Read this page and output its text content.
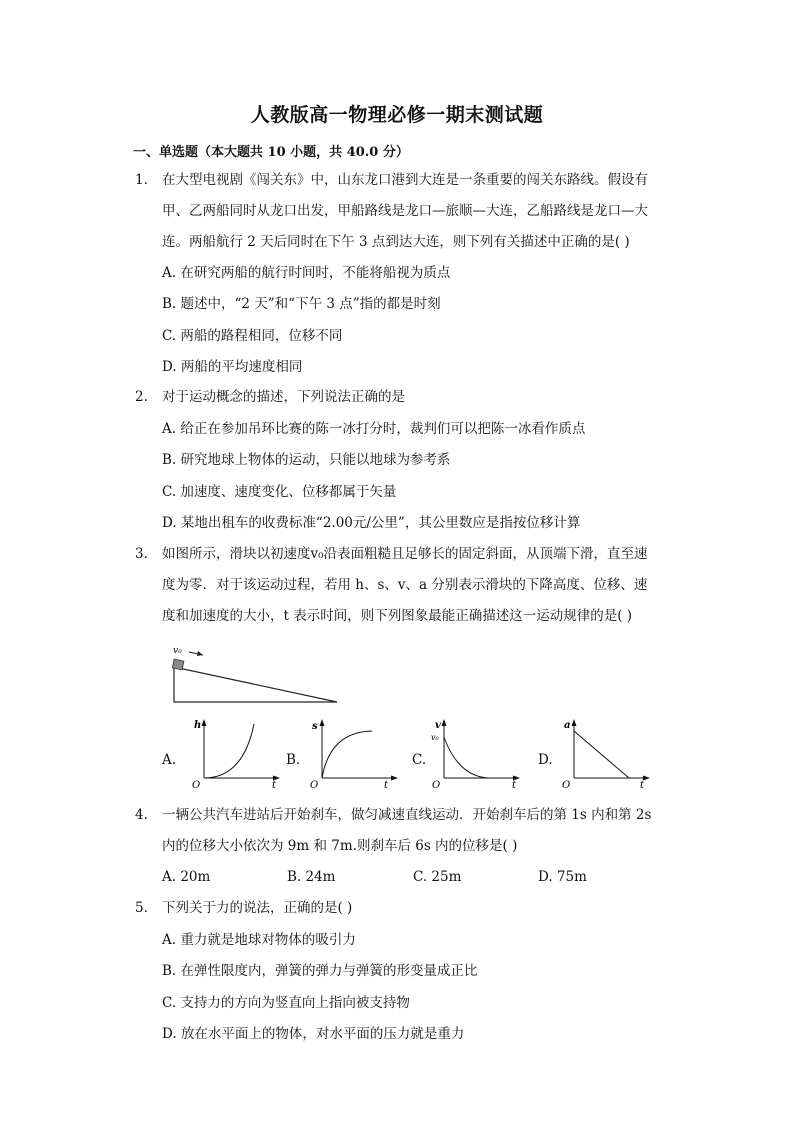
人教版高一物理必修一期末测试题
一、单选题（本大题共 10 小题，共 40.0 分）
1. 在大型电视剧《闯关东》中，山东龙口港到大连是一条重要的闯关东路线。假设有
甲、乙两船同时从龙口出发，甲船路线是龙口—旅顺—大连，乙船路线是龙口—大
连。两船航行 2 天后同时在下午 3 点到达大连，则下列有关描述中正确的是( )
A. 在研究两船的航行时间时，不能将船视为质点
B. 题述中，“2 天”和“下午 3 点”指的都是时刻
C. 两船的路程相同，位移不同
D. 两船的平均速度相同
2. 对于运动概念的描述，下列说法正确的是
A. 给正在参加吊环比赛的陈一冰打分时，裁判们可以把陈一冰看作质点
B. 研究地球上物体的运动，只能以地球为参考系
C. 加速度、速度变化、位移都属于矢量
D. 某地出租车的收费标准“2.00元/公里”，其公里数应是指按位移计算
3. 如图所示，滑块以初速度v₀沿表面粗糙且足够长的固定斜面，从顶端下滑，直至速
度为零．对于该运动过程，若用 h、s、v、a 分别表示滑块的下降高度、位移、速
度和加速度的大小，t 表示时间，则下列图象最能正确描述这一运动规律的是( )
v₀
A.
h
t
O
B.
s
t
O
C.
v
v₀
t
O
D.
a
t
O
4. 一辆公共汽车进站后开始刹车，做匀减速直线运动．开始刹车后的第 1s 内和第 2s
内的位移大小依次为 9m 和 7m.则刹车后 6s 内的位移是( )
A. 20m	B. 24m	C. 25m	D. 75m
5. 下列关于力的说法，正确的是( )
A. 重力就是地球对物体的吸引力
B. 在弹性限度内，弹簧的弹力与弹簧的形变量成正比
C. 支持力的方向为竖直向上指向被支持物
D. 放在水平面上的物体，对水平面的压力就是重力
